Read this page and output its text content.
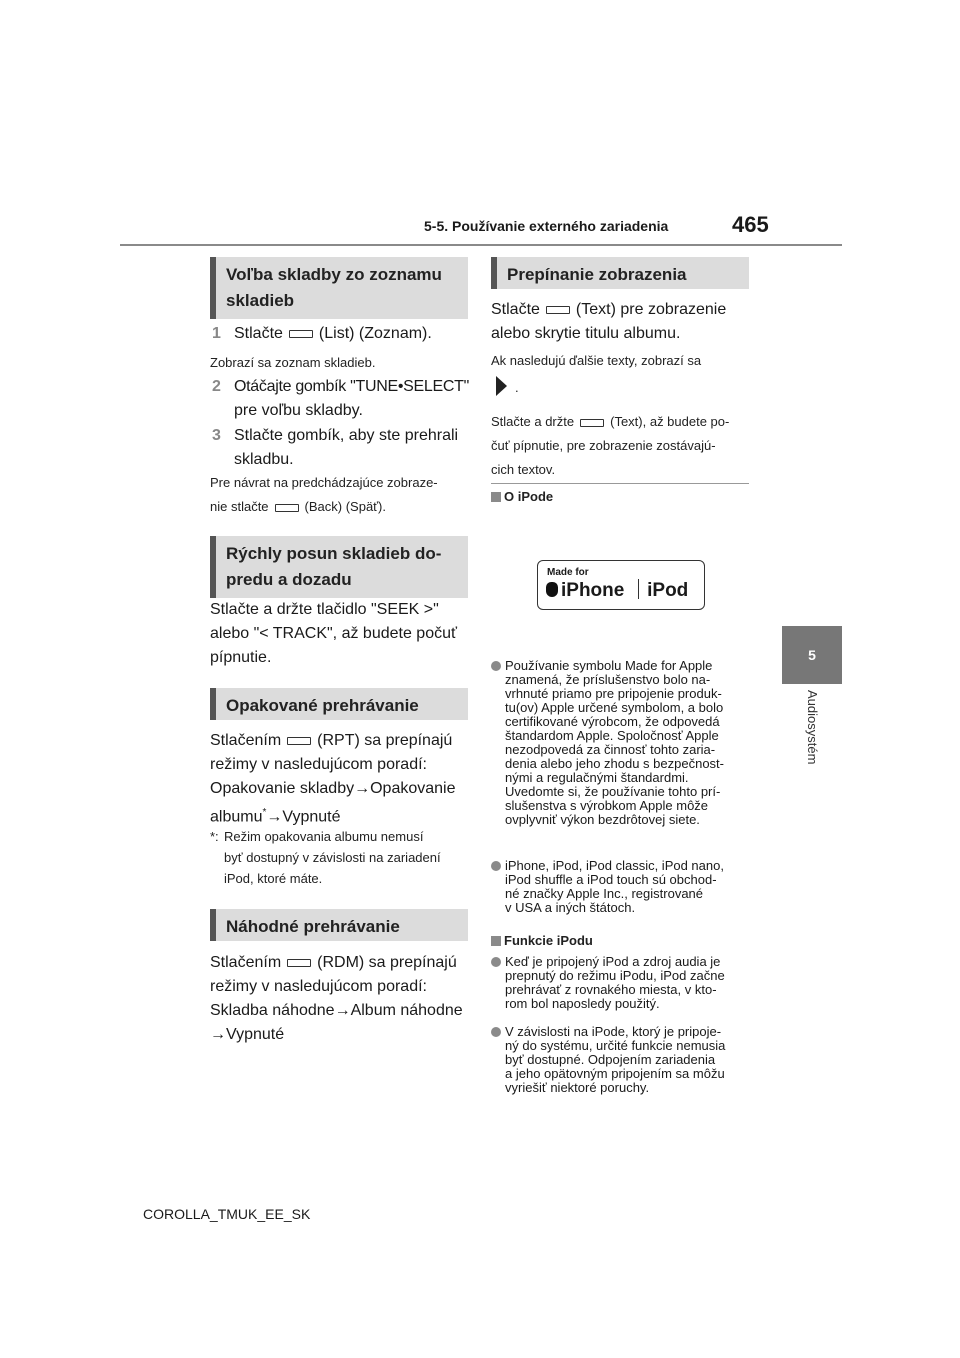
5-5. Používanie externého zariadenia	465
5
Audiosystém
Voľba skladby zo zoznamu skladieb
1 Stlačte (List) (Zoznam).
Zobrazí sa zoznam skladieb.
2 Otáčajte gombík "TUNE•SELECT"
pre voľbu skladby.
3 Stlačte gombík, aby ste prehrali
skladbu.
Pre návrat na predchádzajúce zobraze-
nie stlačte	(Back) (Späť).
Rýchly posun skladieb do-predu a dozadu
Stlačte a držte tlačidlo "SEEK >"
alebo "< TRACK", až budete počuť
pípnutie.
Opakované prehrávanie
Stlačením (RPT) sa prepínajú
režimy v nasledujúcom poradí:
Opakovanie skladby→Opakovanie
albumu*→Vypnuté
*: Režim opakovania albumu nemusí
byť dostupný v závislosti na zariadení
iPod, ktoré máte.
Náhodné prehrávanie
Stlačením (RDM) sa prepínajú
režimy v nasledujúcom poradí:
Skladba náhodne→Album náhodne
→Vypnuté
Prepínanie zobrazenia
Stlačte (Text) pre zobrazenie
alebo skrytie titulu albumu.
Ak nasledujú ďalšie texty, zobrazí sa
.
Stlačte a držte	(Text), až budete po-
čuť pípnutie, pre zobrazenie zostávajú-
cich textov.
O iPode
Made for
iPhone iPod
Používanie symbolu Made for Apple
znamená, že príslušenstvo bolo na-
vrhnuté priamo pre pripojenie produk-
tu(ov) Apple určené symbolom, a bolo
certifikované výrobcom, že odpovedá
štandardom Apple. Spoločnosť Apple
nezodpovedá za činnosť tohto zaria-
denia alebo jeho zhodu s bezpečnost-
nými a regulačnými štandardmi.
Uvedomte si, že používanie tohto prí-
slušenstva s výrobkom Apple môže
ovplyvniť výkon bezdrôtovej siete.
iPhone, iPod, iPod classic, iPod nano,
iPod shuffle a iPod touch sú obchod-
né značky Apple Inc., registrované
v USA a iných štátoch.
Funkcie iPodu
Keď je pripojený iPod a zdroj audia je
prepnutý do režimu iPodu, iPod začne
prehrávať z rovnakého miesta, v kto-
rom bol naposledy použitý.
V závislosti na iPode, ktorý je pripoje-
ný do systému, určité funkcie nemusia
byť dostupné. Odpojením zariadenia
a jeho opätovným pripojením sa môžu
vyriešiť niektoré poruchy.
COROLLA_TMUK_EE_SK
